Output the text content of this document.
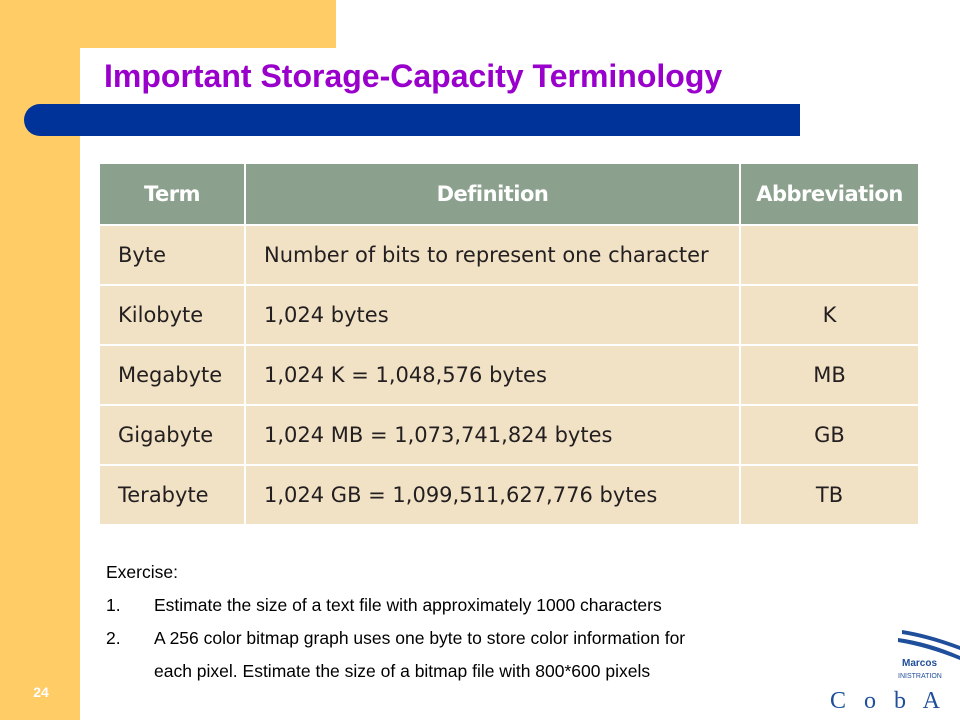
Important Storage-Capacity Terminology
24
Term	Definition	Abbreviation
Byte	Number of bits to represent one character	
Kilobyte	1,024 bytes	K
Megabyte	1,024 K = 1,048,576 bytes	MB
Gigabyte	1,024 MB = 1,073,741,824 bytes	GB
Terabyte	1,024 GB = 1,099,511,627,776 bytes	TB
Exercise:
1.	Estimate the size of a text file with approximately 1000 characters
2.	A 256 color bitmap graph uses one byte to store color information for
each pixel. Estimate the size of a bitmap file with 800*600 pixels	Marcos
INISTRATION
C o b A
